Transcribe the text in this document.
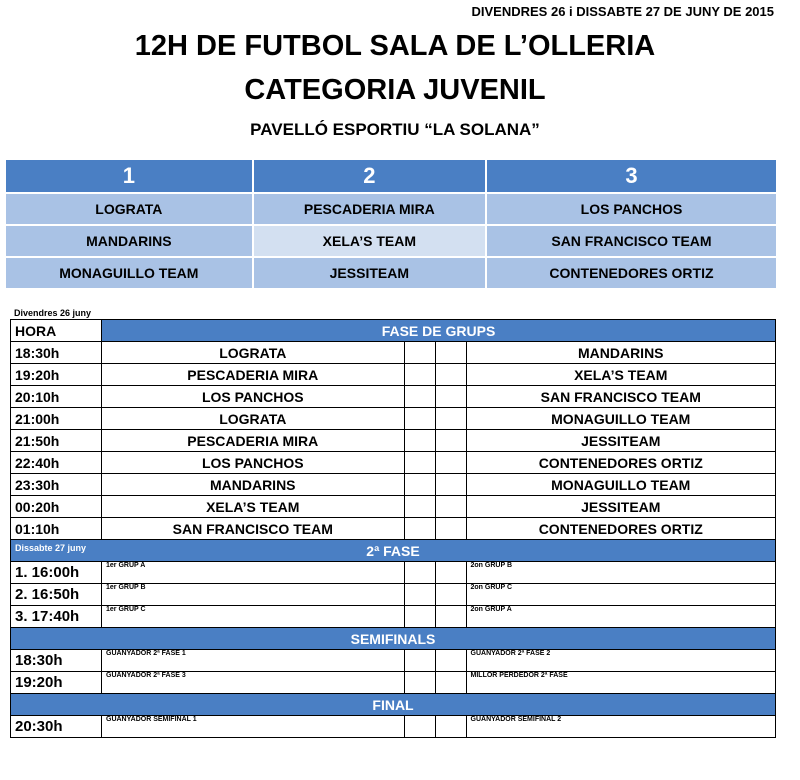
DIVENDRES 26 i DISSABTE 27 DE JUNY DE 2015
12H DE FUTBOL SALA DE L’OLLERIA
CATEGORIA JUVENIL
PAVELLÓ ESPORTIU “LA SOLANA”
1	2	3
LOGRATA	PESCADERIA MIRA	LOS PANCHOS
MANDARINS	XELA’S TEAM	SAN FRANCISCO TEAM
MONAGUILLO TEAM	JESSITEAM	CONTENEDORES ORTIZ
Divendres 26 juny
HORA	FASE DE GRUPS			
18:30h	LOGRATA			MANDARINS
19:20h	PESCADERIA MIRA			XELA’S TEAM
20:10h	LOS PANCHOS			SAN FRANCISCO TEAM
21:00h	LOGRATA			MONAGUILLO TEAM
21:50h	PESCADERIA MIRA			JESSITEAM
22:40h	LOS PANCHOS			CONTENEDORES ORTIZ
23:30h	MANDARINS			MONAGUILLO TEAM
00:20h	XELA’S TEAM			JESSITEAM
01:10h	SAN FRANCISCO TEAM			CONTENEDORES ORTIZ

Dissabte 27 juny 2ª FASE				
1. 16:00h	1er GRUP A			2on GRUP B
2. 16:50h	1er GRUP B			2on GRUP C
3. 17:40h	1er GRUP C			2on GRUP A
SEMIFINALS				
18:30h	GUANYADOR 2ª FASE 1			GUANYADOR 2ª FASE 2
19:20h	GUANYADOR 2ª FASE 3			MILLOR PERDEDOR 2ª FASE
FINAL				
20:30h	GUANYADOR SEMIFINAL 1			GUANYADOR SEMIFINAL 2
